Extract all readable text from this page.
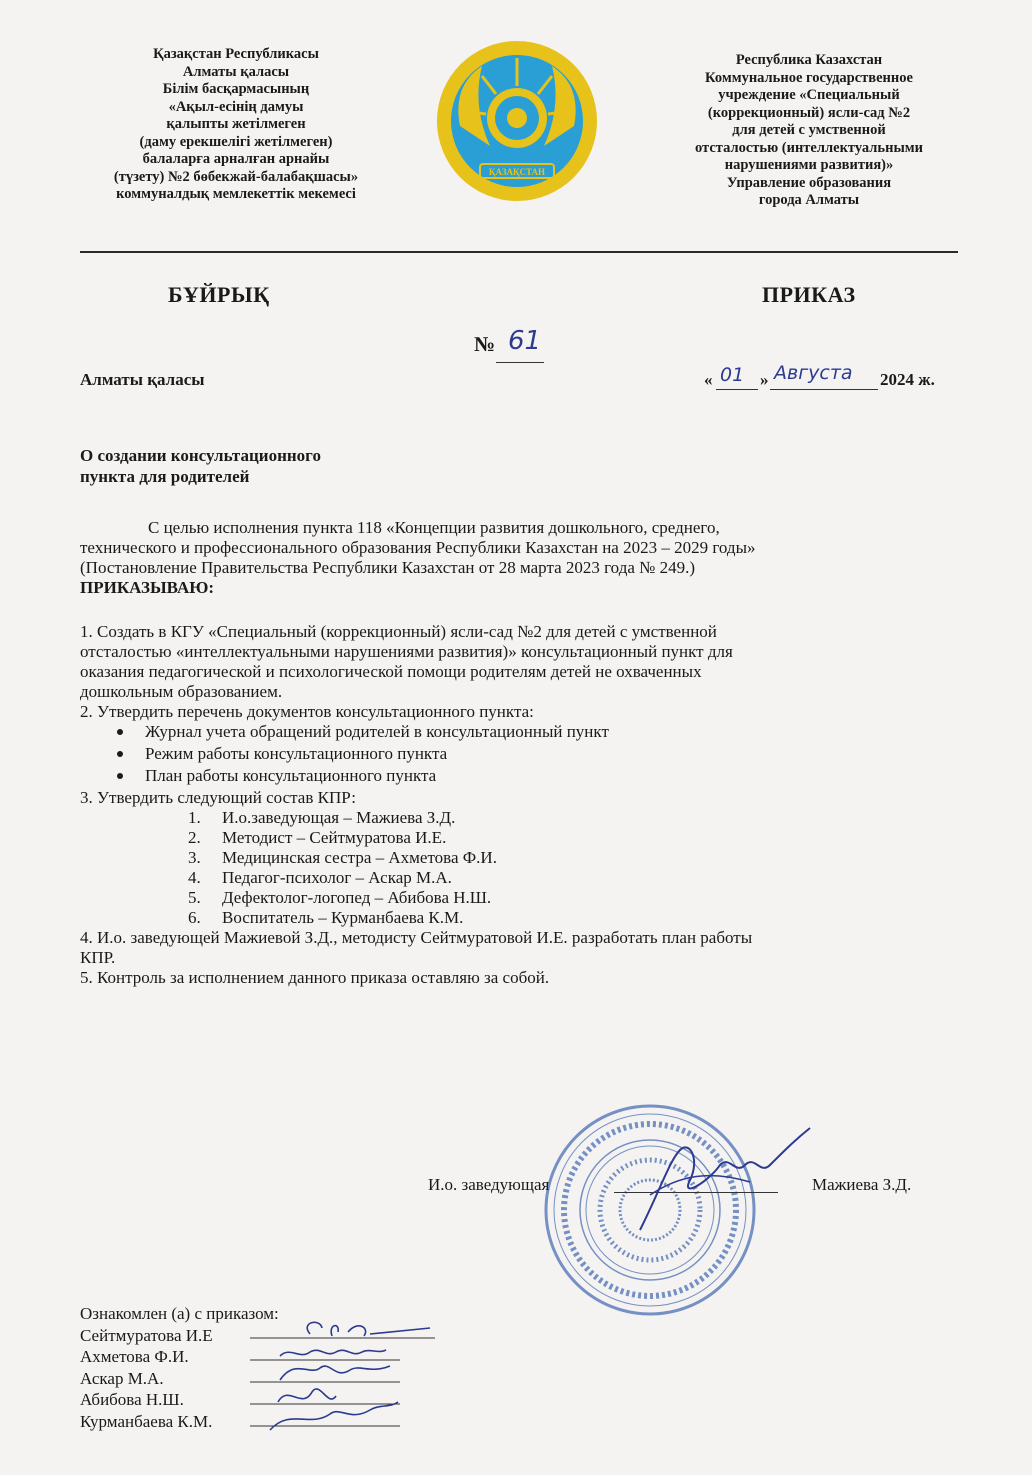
Қазақстан Республикасы
Алматы қаласы
Білім басқармасының
«Ақыл-есінің дамуы
қалыпты жетілмеген
(даму ерекшелігі жетілмеген)
балаларға арналған арнайы
(түзету) №2 бөбекжай-балабақшасы»
коммуналдық мемлекеттік мекемесі
ҚАЗАҚСТАН
Республика Казахстан
Коммунальное государственное
учреждение «Специальный
(коррекционный) ясли-сад №2
для детей с умственной
отсталостью (интеллектуальными
нарушениями развития)»
Управление образования
города Алматы
БҰЙРЫҚ	ПРИКАЗ
№ 61
Алматы қаласы	« 01 » Августа 2024 ж.
О создании консультационного
пункта для родителей

С целью исполнения пункта 118 «Концепции развития дошкольного, среднего,

технического и профессионального образования Республики Казахстан на 2023 – 2029 годы»

(Постановление Правительства Республики Казахстан от 28 марта 2023 года № 249.)

ПРИКАЗЫВАЮ:

1. Создать в КГУ «Специальный (коррекционный) ясли-сад №2 для детей с умственной

отсталостью «интеллектуальными нарушениями развития)» консультационный пункт для

оказания педагогической и психологической помощи родителям детей не охваченных

дошкольным образованием.

2. Утвердить перечень документов консультационного пункта:

Журнал учета обращений родителей в консультационный пункт
Режим работы консультационного пункта
План работы консультационного пункта

3. Утвердить следующий состав КПР:

1. И.о.заведующая – Мажиева З.Д.
2. Методист – Сейтмуратова И.Е.
3. Медицинская сестра – Ахметова Ф.И.
4. Педагог-психолог – Аскар М.А.
5. Дефектолог-логопед – Абибова Н.Ш.
6. Воспитатель – Курманбаева К.М.

4. И.о. заведующей Мажиевой З.Д., методисту Сейтмуратовой И.Е. разработать план работы

КПР.

5. Контроль за исполнением данного приказа оставляю за собой.

И.о. заведующая	Мажиева З.Д.
Ознакомлен (а) с приказом:
Сейтмуратова И.Е
Ахметова Ф.И.
Аскар М.А.
Абибова Н.Ш.
Курманбаева К.М.
